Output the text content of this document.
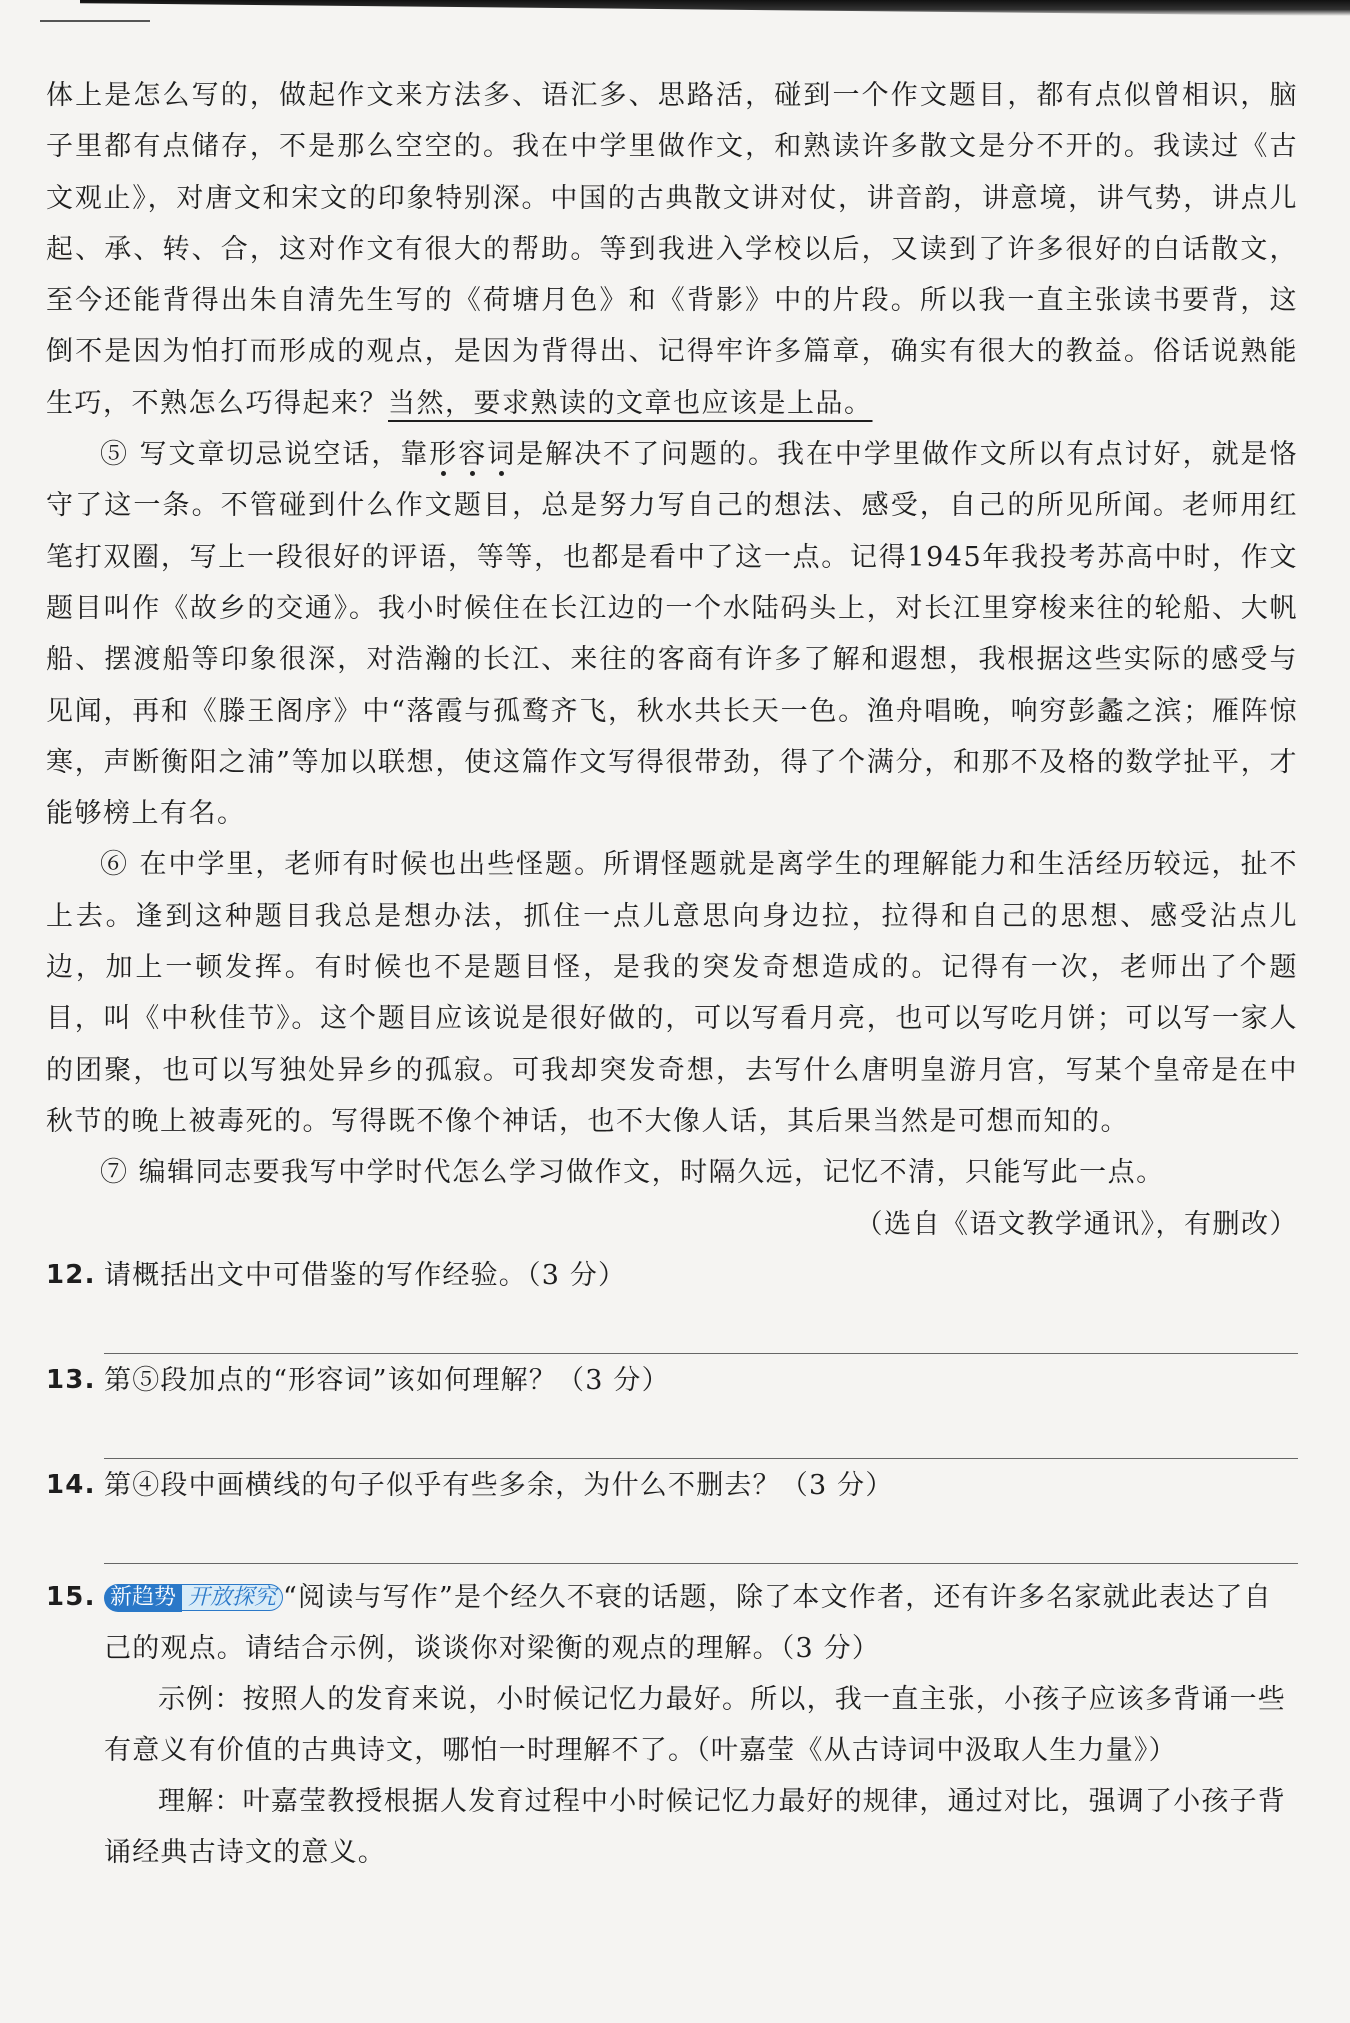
体上是怎么写的，做起作文来方法多、语汇多、思路活，碰到一个作文题目，都有点似曾相识，脑子里都有点储存，不是那么空空的。我在中学里做作文，和熟读许多散文是分不开的。我读过《古文观止》，对唐文和宋文的印象特别深。中国的古典散文讲对仗，讲音韵，讲意境，讲气势，讲点儿起、承、转、合，这对作文有很大的帮助。等到我进入学校以后，又读到了许多很好的白话散文，至今还能背得出朱自清先生写的《荷塘月色》和《背影》中的片段。所以我一直主张读书要背，这倒不是因为怕打而形成的观点，是因为背得出、记得牢许多篇章，确实有很大的教益。俗话说熟能生巧，不熟怎么巧得起来？当然，要求熟读的文章也应该是上品。

⑤ 写文章切忌说空话，靠形容词是解决不了问题的。我在中学里做作文所以有点讨好，就是恪守了这一条。不管碰到什么作文题目，总是努力写自己的想法、感受，自己的所见所闻。老师用红笔打双圈，写上一段很好的评语，等等，也都是看中了这一点。记得1945年我投考苏高中时，作文题目叫作《故乡的交通》。我小时候住在长江边的一个水陆码头上，对长江里穿梭来往的轮船、大帆船、摆渡船等印象很深，对浩瀚的长江、来往的客商有许多了解和遐想，我根据这些实际的感受与见闻，再和《滕王阁序》中“落霞与孤鹜齐飞，秋水共长天一色。渔舟唱晚，响穷彭蠡之滨；雁阵惊寒，声断衡阳之浦”等加以联想，使这篇作文写得很带劲，得了个满分，和那不及格的数学扯平，才能够榜上有名。

⑥ 在中学里，老师有时候也出些怪题。所谓怪题就是离学生的理解能力和生活经历较远，扯不上去。逢到这种题目我总是想办法，抓住一点儿意思向身边拉，拉得和自己的思想、感受沾点儿边，加上一顿发挥。有时候也不是题目怪，是我的突发奇想造成的。记得有一次，老师出了个题目，叫《中秋佳节》。这个题目应该说是很好做的，可以写看月亮，也可以写吃月饼；可以写一家人的团聚，也可以写独处异乡的孤寂。可我却突发奇想，去写什么唐明皇游月宫，写某个皇帝是在中秋节的晚上被毒死的。写得既不像个神话，也不大像人话，其后果当然是可想而知的。

⑦ 编辑同志要我写中学时代怎么学习做作文，时隔久远，记忆不清，只能写此一点。

（选自《语文教学通讯》，有删改）

12. 请概括出文中可借鉴的写作经验。（3 分）
13. 第⑤段加点的“形容词”该如何理解？（3 分）
14. 第④段中画横线的句子似乎有些多余，为什么不删去？（3 分）
15. 新趋势 开放探究 “阅读与写作”是个经久不衰的话题，除了本文作者，还有许多名家就此表达了自己的观点。请结合示例，谈谈你对梁衡的观点的理解。（3 分）
示例：按照人的发育来说，小时候记忆力最好。所以，我一直主张，小孩子应该多背诵一些有意义有价值的古典诗文，哪怕一时理解不了。（叶嘉莹《从古诗词中汲取人生力量》）
理解：叶嘉莹教授根据人发育过程中小时候记忆力最好的规律，通过对比，强调了小孩子背诵经典古诗文的意义。
